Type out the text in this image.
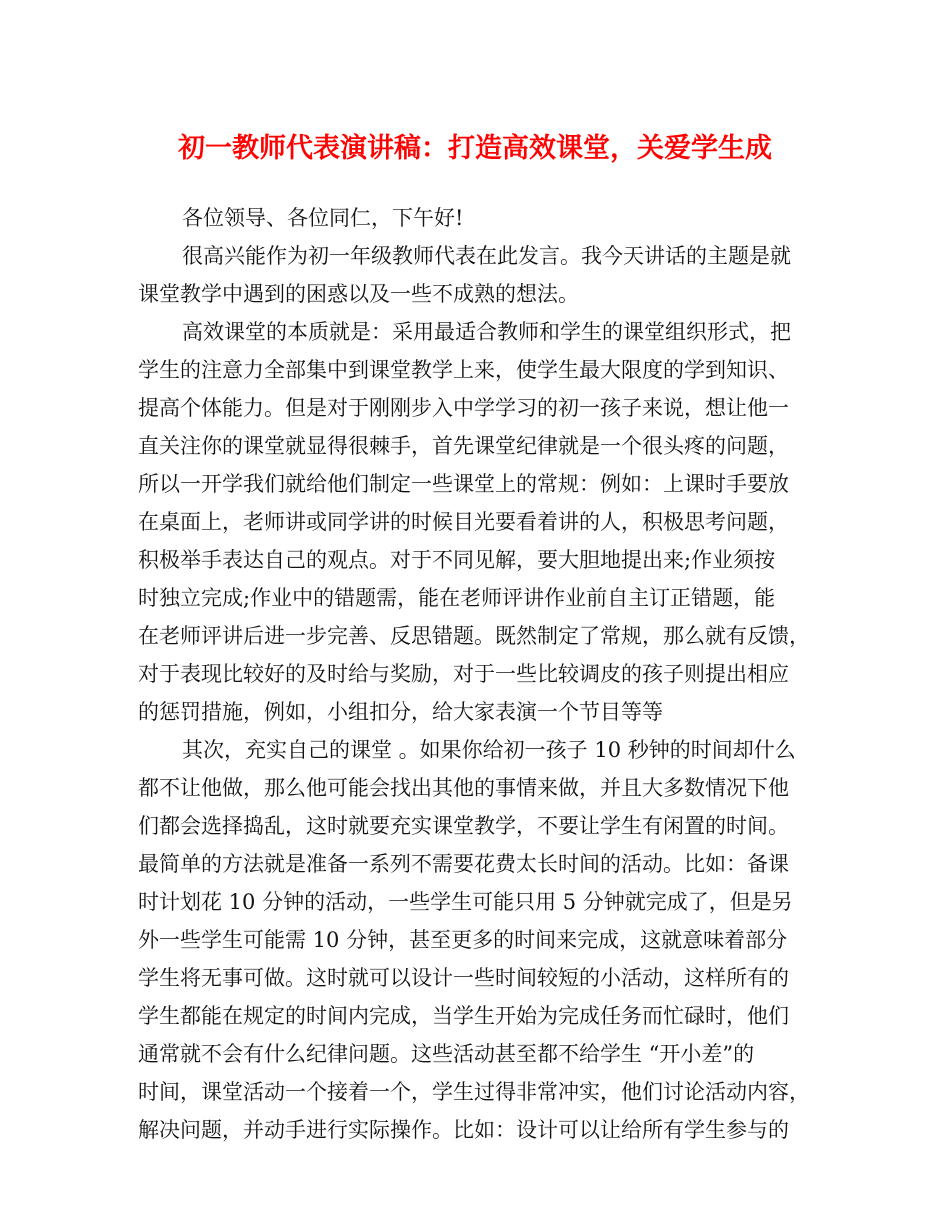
初一教师代表演讲稿：打造高效课堂，关爱学生成
各位领导、各位同仁，下午好!
很高兴能作为初一年级教师代表在此发言。我今天讲话的主题是就
课堂教学中遇到的困惑以及一些不成熟的想法。
高效课堂的本质就是：采用最适合教师和学生的课堂组织形式，把
学生的注意力全部集中到课堂教学上来，使学生最大限度的学到知识、
提高个体能力。但是对于刚刚步入中学学习的初一孩子来说，想让他一
直关注你的课堂就显得很棘手，首先课堂纪律就是一个很头疼的问题，
所以一开学我们就给他们制定一些课堂上的常规：例如：上课时手要放
在桌面上，老师讲或同学讲的时候目光要看着讲的人，积极思考问题，
积极举手表达自己的观点。对于不同见解，要大胆地提出来;作业须按
时独立完成;作业中的错题需，能在老师评讲作业前自主订正错题，能
在老师评讲后进一步完善、反思错题。既然制定了常规，那么就有反馈，
对于表现比较好的及时给与奖励，对于一些比较调皮的孩子则提出相应
的惩罚措施，例如，小组扣分，给大家表演一个节目等等
其次，充实自己的课堂 。如果你给初一孩子 10 秒钟的时间却什么
都不让他做，那么他可能会找出其他的事情来做，并且大多数情况下他
们都会选择捣乱，这时就要充实课堂教学，不要让学生有闲置的时间。
最简单的方法就是准备一系列不需要花费太长时间的活动。比如：备课
时计划花 10 分钟的活动，一些学生可能只用 5 分钟就完成了，但是另
外一些学生可能需 10 分钟，甚至更多的时间来完成，这就意味着部分
学生将无事可做。这时就可以设计一些时间较短的小活动，这样所有的
学生都能在规定的时间内完成，当学生开始为完成任务而忙碌时，他们
通常就不会有什么纪律问题。这些活动甚至都不给学生 “开小差”的
时间，课堂活动一个接着一个，学生过得非常冲实，他们讨论活动内容，
解决问题，并动手进行实际操作。比如：设计可以让给所有学生参与的
